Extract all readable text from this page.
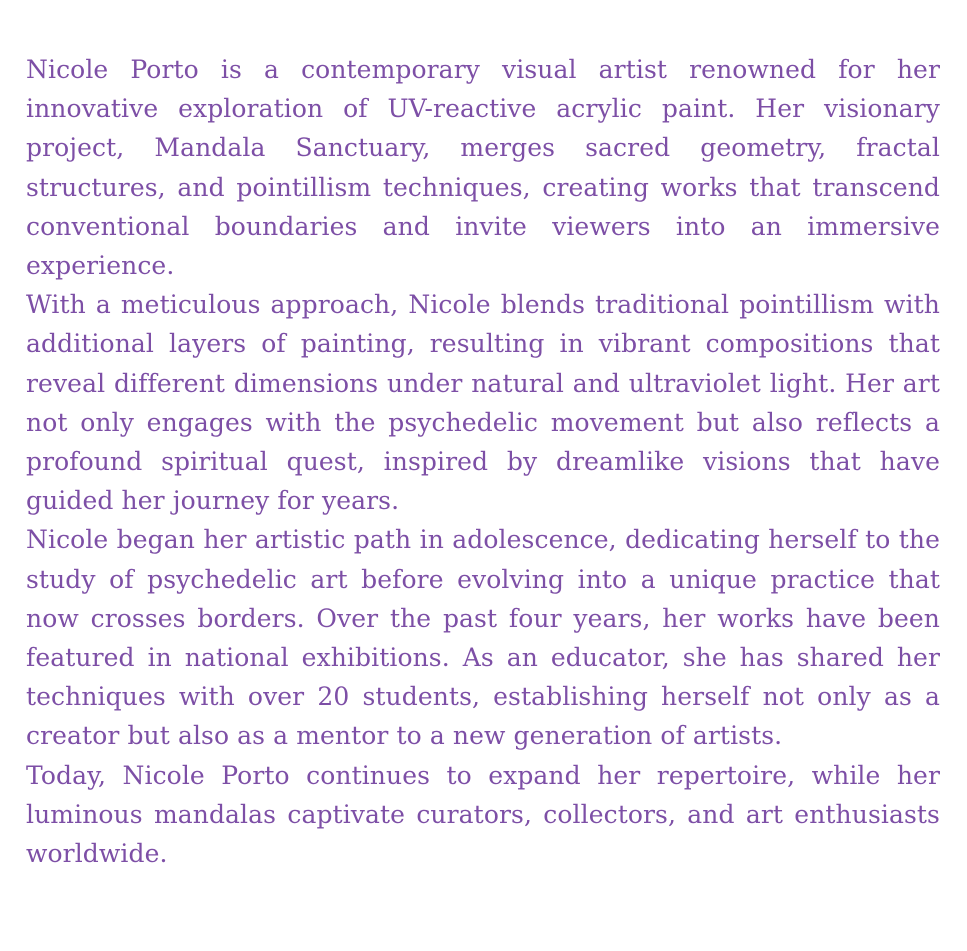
Nicole Porto is a contemporary visual artist renowned for her innovative exploration of UV-reactive acrylic paint. Her visionary project, Mandala Sanctuary, merges sacred geometry, fractal structures, and pointillism techniques, creating works that transcend conventional boundaries and invite viewers into an immersive experience.

With a meticulous approach, Nicole blends traditional pointillism with additional layers of painting, resulting in vibrant compositions that reveal different dimensions under natural and ultraviolet light. Her art not only engages with the psychedelic movement but also reflects a profound spiritual quest, inspired by dreamlike visions that have guided her journey for years.

Nicole began her artistic path in adolescence, dedicating herself to the study of psychedelic art before evolving into a unique practice that now crosses borders. Over the past four years, her works have been featured in national exhibitions. As an educator, she has shared her techniques with over 20 students, establishing herself not only as a creator but also as a mentor to a new generation of artists.

Today, Nicole Porto continues to expand her repertoire, while her luminous mandalas captivate curators, collectors, and art enthusiasts worldwide.
